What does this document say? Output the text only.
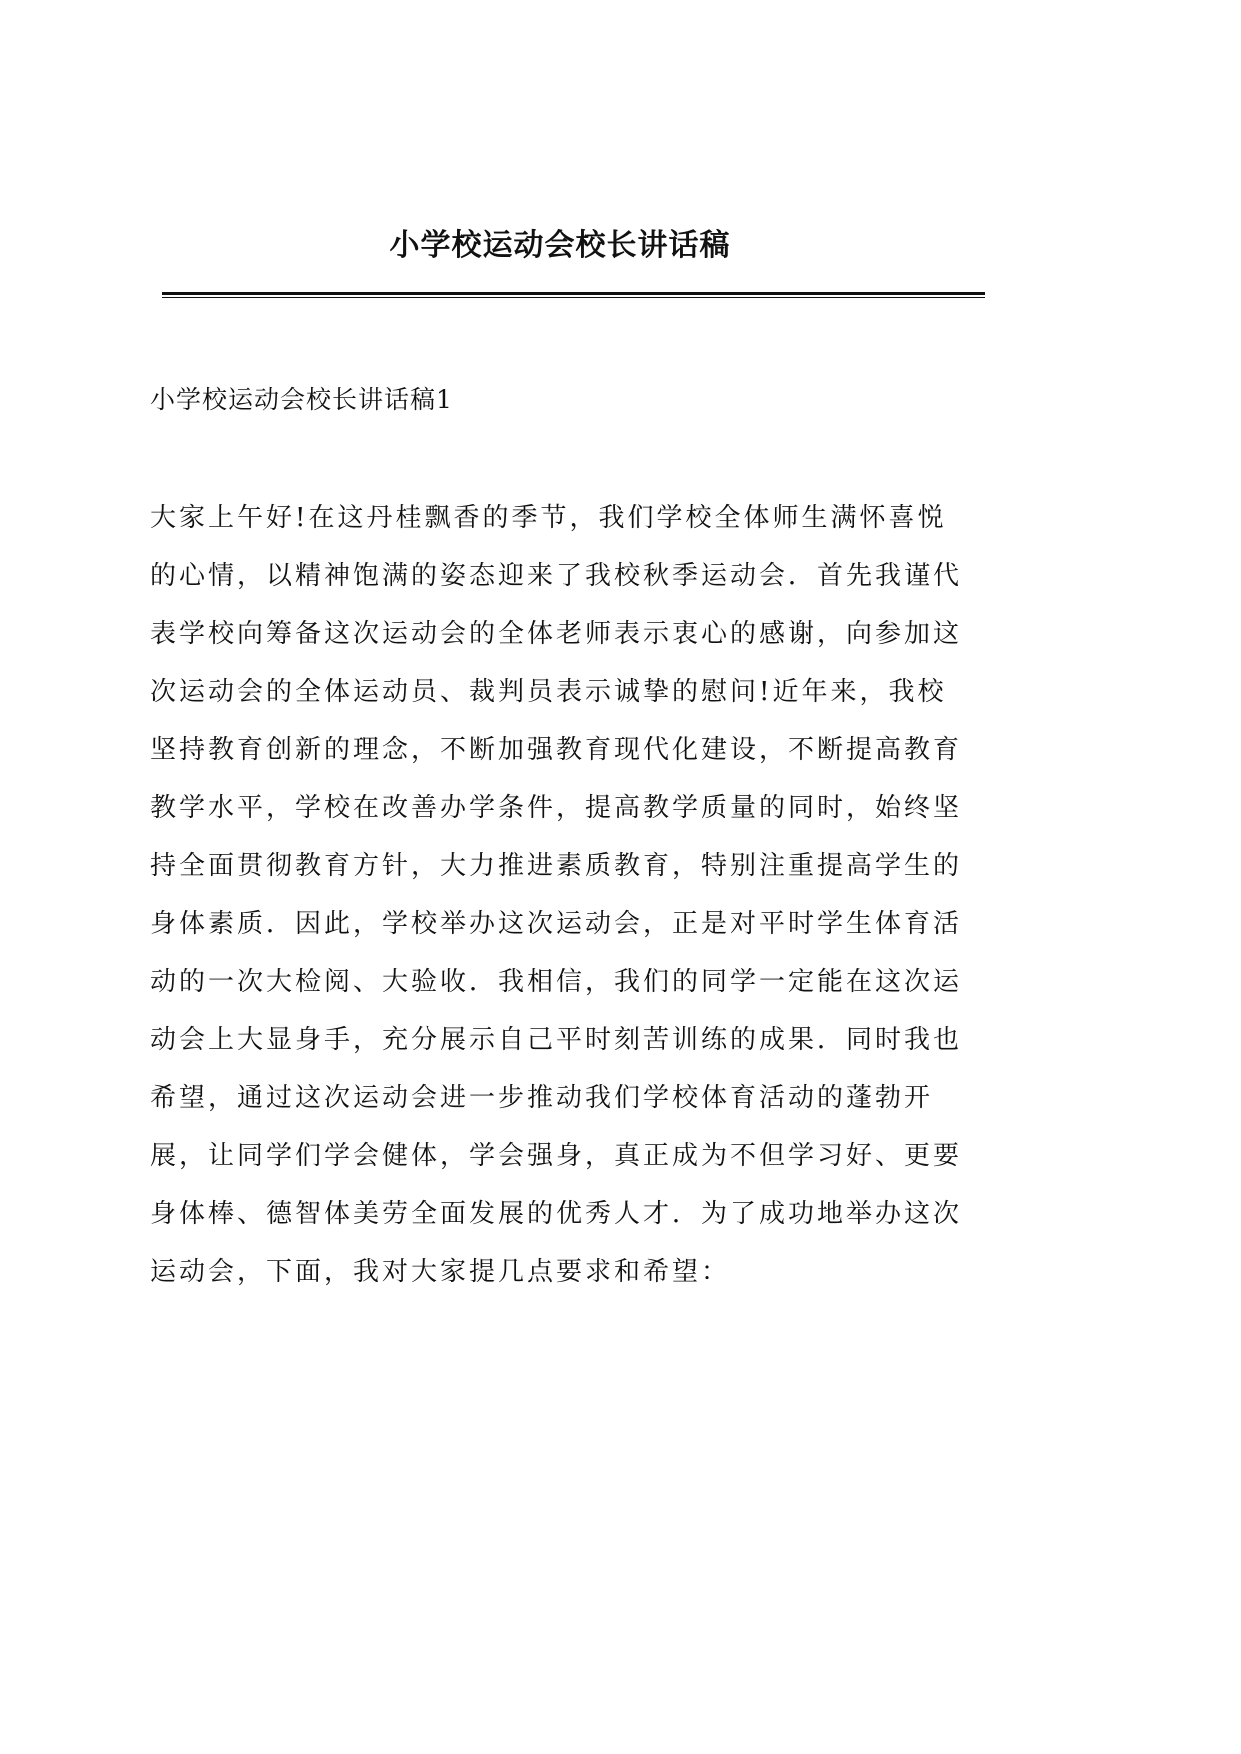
小学校运动会校长讲话稿

小学校运动会校长讲话稿1

大家上午好!在这丹桂飘香的季节，我们学校全体师生满怀喜悦
的心情，以精神饱满的姿态迎来了我校秋季运动会．首先我谨代
表学校向筹备这次运动会的全体老师表示衷心的感谢，向参加这
次运动会的全体运动员、裁判员表示诚挚的慰问!近年来，我校
坚持教育创新的理念，不断加强教育现代化建设，不断提高教育
教学水平，学校在改善办学条件，提高教学质量的同时，始终坚
持全面贯彻教育方针，大力推进素质教育，特别注重提高学生的
身体素质．因此，学校举办这次运动会，正是对平时学生体育活
动的一次大检阅、大验收．我相信，我们的同学一定能在这次运
动会上大显身手，充分展示自己平时刻苦训练的成果．同时我也
希望，通过这次运动会进一步推动我们学校体育活动的蓬勃开
展，让同学们学会健体，学会强身，真正成为不但学习好、更要
身体棒、德智体美劳全面发展的优秀人才．为了成功地举办这次
运动会，下面，我对大家提几点要求和希望：
